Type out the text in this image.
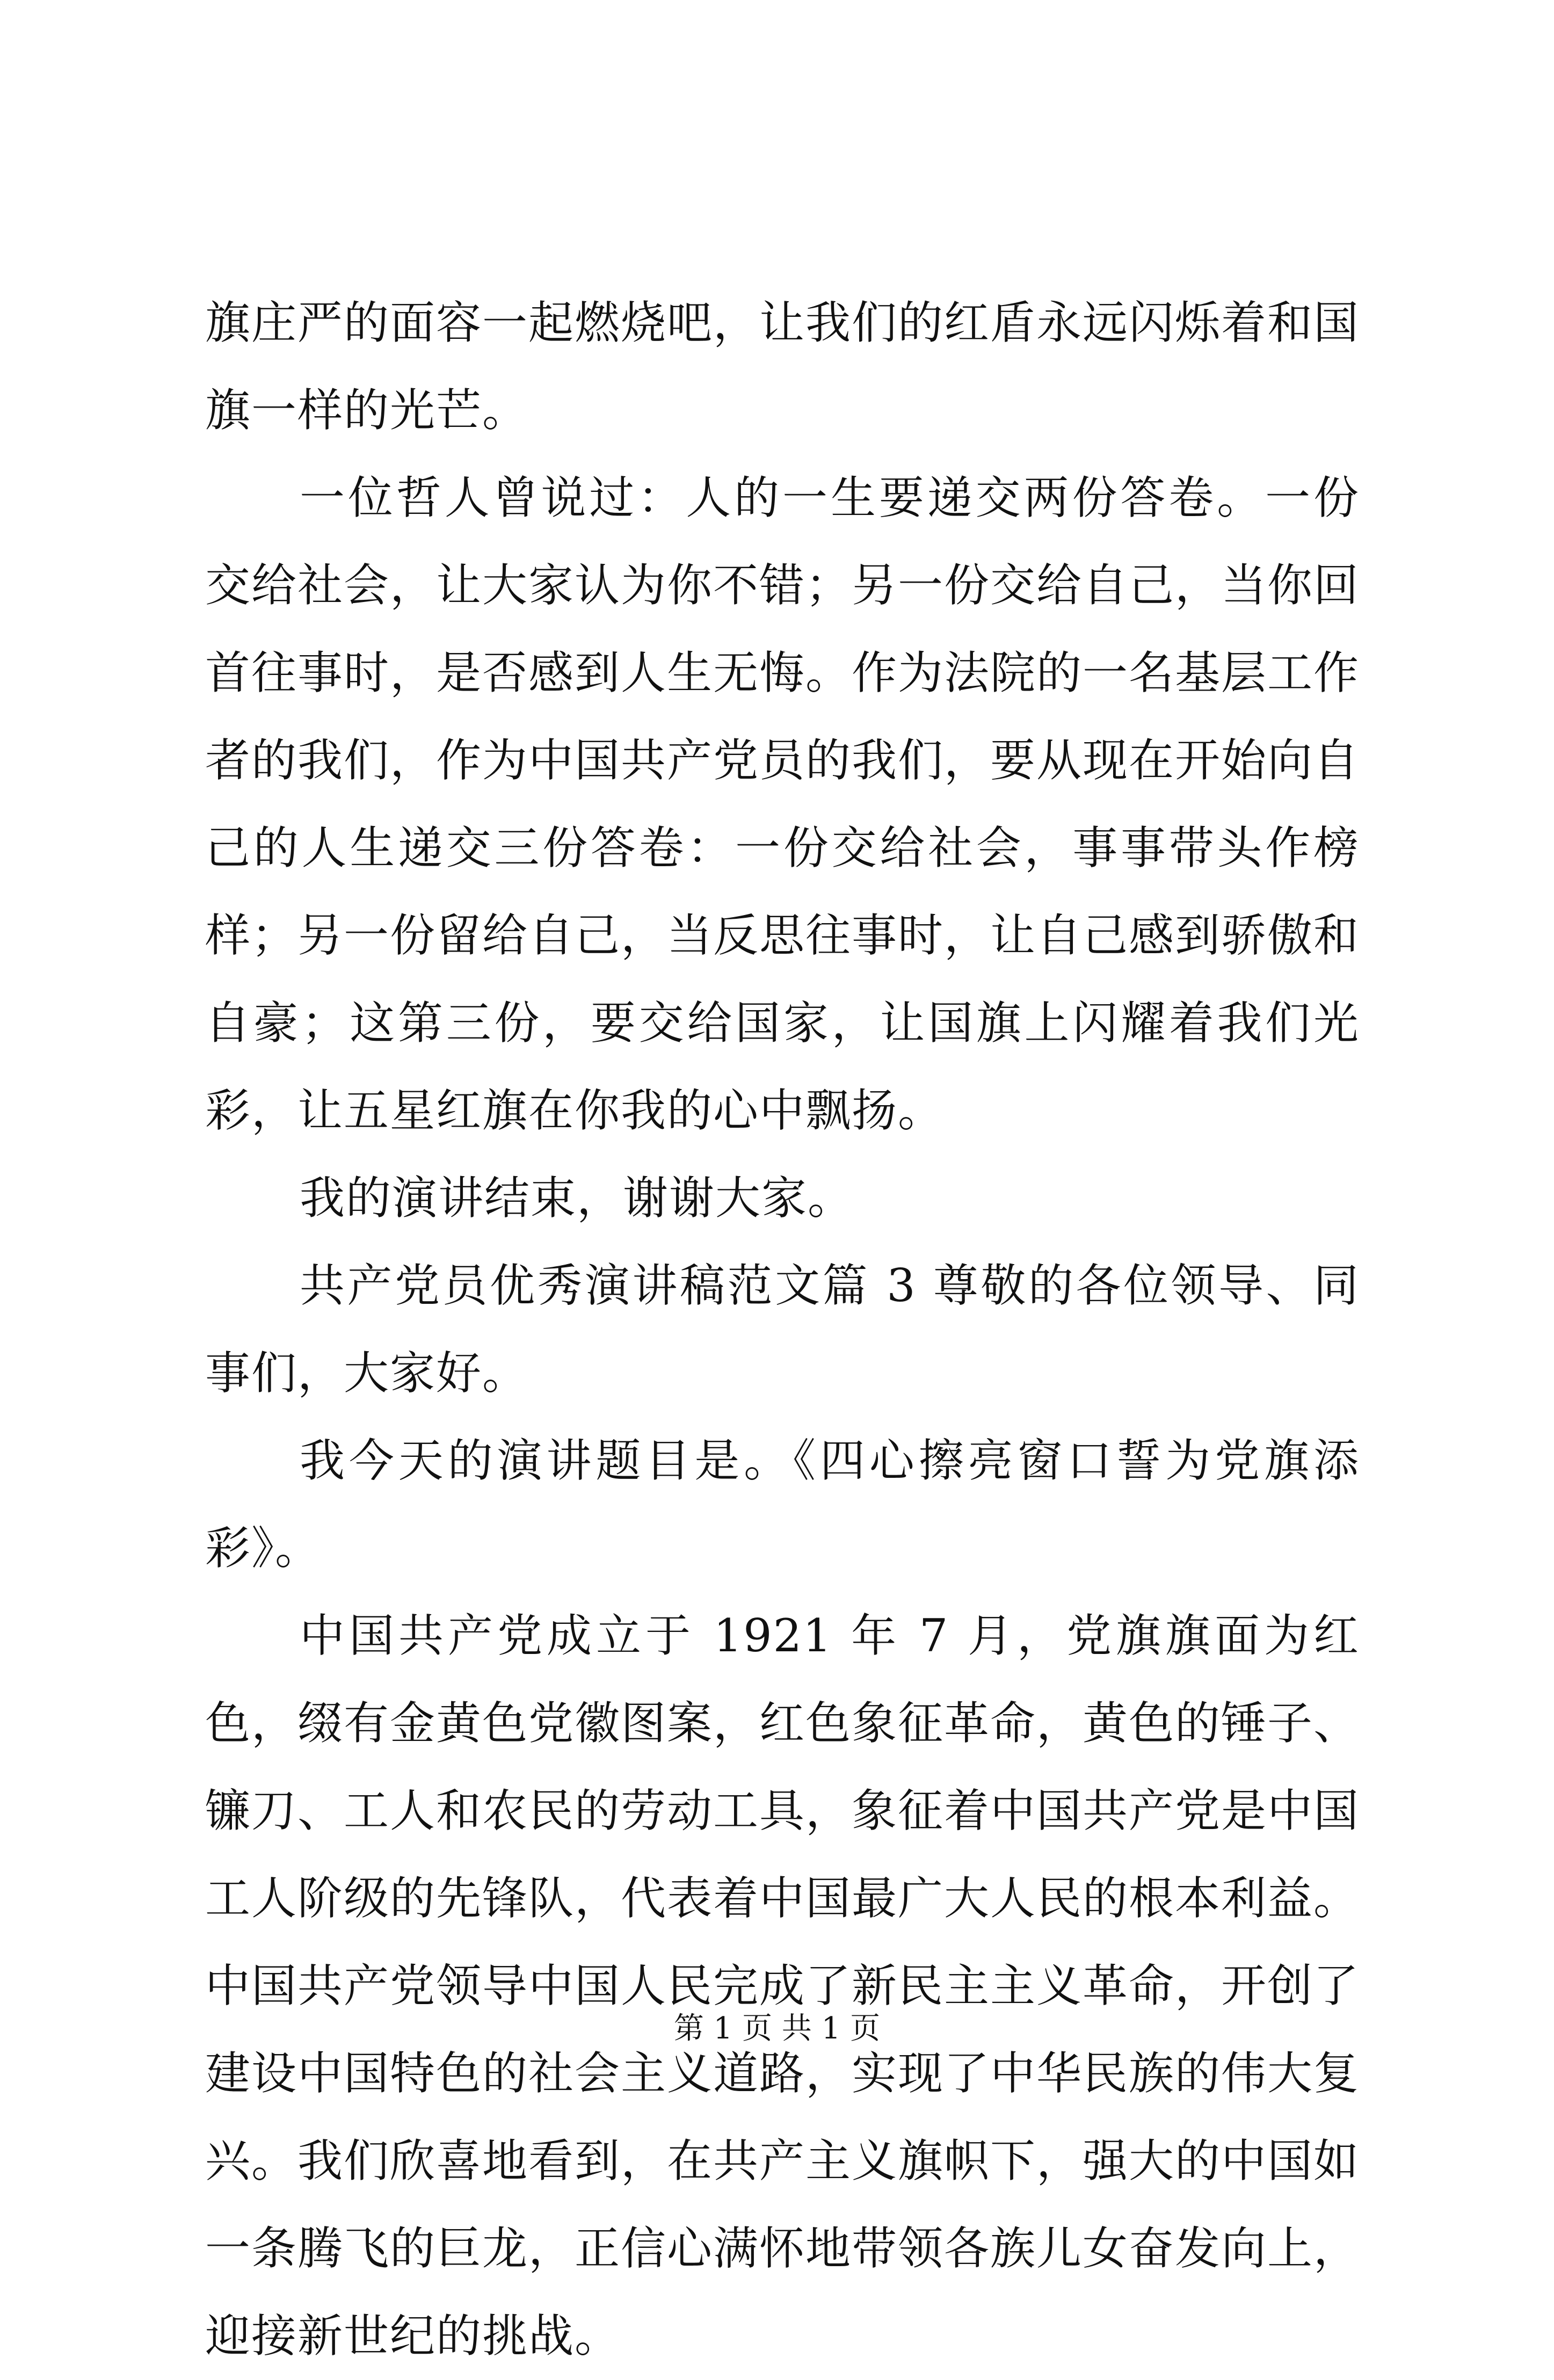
旗庄严的面容一起燃烧吧，让我们的红盾永远闪烁着和国旗一样的光芒。

一位哲人曾说过：人的一生要递交两份答卷。一份交给社会，让大家认为你不错；另一份交给自己，当你回首往事时，是否感到人生无悔。作为法院的一名基层工作者的我们，作为中国共产党员的我们，要从现在开始向自己的人生递交三份答卷：一份交给社会，事事带头作榜样；另一份留给自己，当反思往事时，让自己感到骄傲和自豪；这第三份，要交给国家，让国旗上闪耀着我们光彩，让五星红旗在你我的心中飘扬。

我的演讲结束，谢谢大家。

共产党员优秀演讲稿范文篇 3 尊敬的各位领导、同事们，大家好。

我今天的演讲题目是。《四心擦亮窗口誓为党旗添彩》。

中国共产党成立于 1921 年 7 月，党旗旗面为红色，缀有金黄色党徽图案，红色象征革命，黄色的锤子、镰刀、工人和农民的劳动工具，象征着中国共产党是中国工人阶级的先锋队，代表着中国最广大人民的根本利益。中国共产党领导中国人民完成了新民主主义革命，开创了建设中国特色的社会主义道路，实现了中华民族的伟大复兴。我们欣喜地看到，在共产主义旗帜下，强大的中国如一条腾飞的巨龙，正信心满怀地带领各族儿女奋发向上，迎接新世纪的挑战。

第 1 页 共 1 页
